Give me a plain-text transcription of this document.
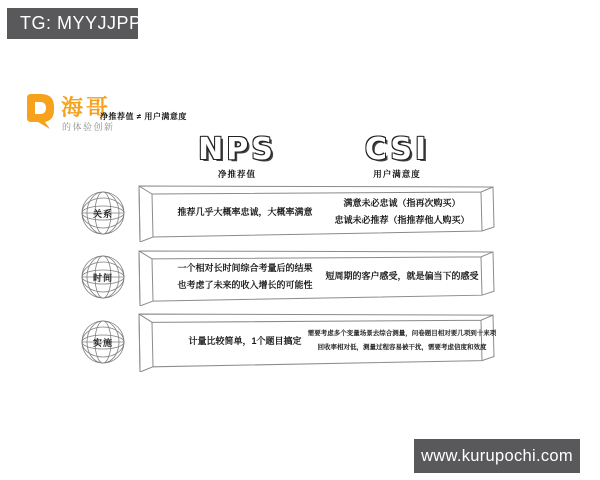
TG: MYYJJPP
海哥
的体验创新
净推荐值 ≠ 用户满意度
NPS
净推荐值
CSI
用户满意度
推荐几乎大概率忠诚，大概率满意
满意未必忠诚（指再次购买）
忠诚未必推荐（指推荐他人购买）
一个相对长时间综合考量后的结果
也考虑了未来的收入增长的可能性
短周期的客户感受，就是偏当下的感受
计量比较简单，1个题目搞定
需要考虑多个变量场景去综合测量，问卷题目相对要几项到十来项
回收率相对低，测量过程容易被干扰，需要考虑信度和效度
关系
时间
实施
www.kurupochi.com
